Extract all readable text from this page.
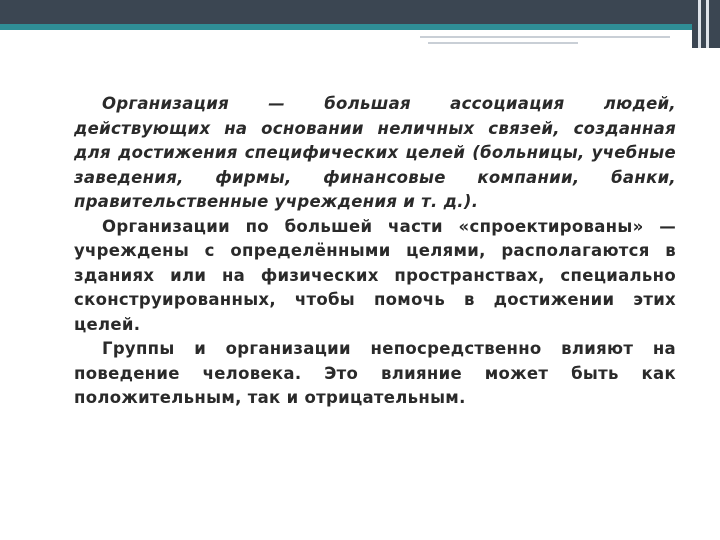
Организация — большая ассоциация людей, действующих на основании неличных связей, созданная для достижения специфических целей (больницы, учебные заведения, фирмы, финансовые компании, банки, правительственные учреждения и т. д.).

Организации по большей части «спроектированы» — учреждены с определёнными целями, располагаются в зданиях или на физических пространствах, специально сконструированных, чтобы помочь в достижении этих целей.

Группы и организации непосредственно влияют на поведение человека. Это влияние может быть как положительным, так и отрицательным.
